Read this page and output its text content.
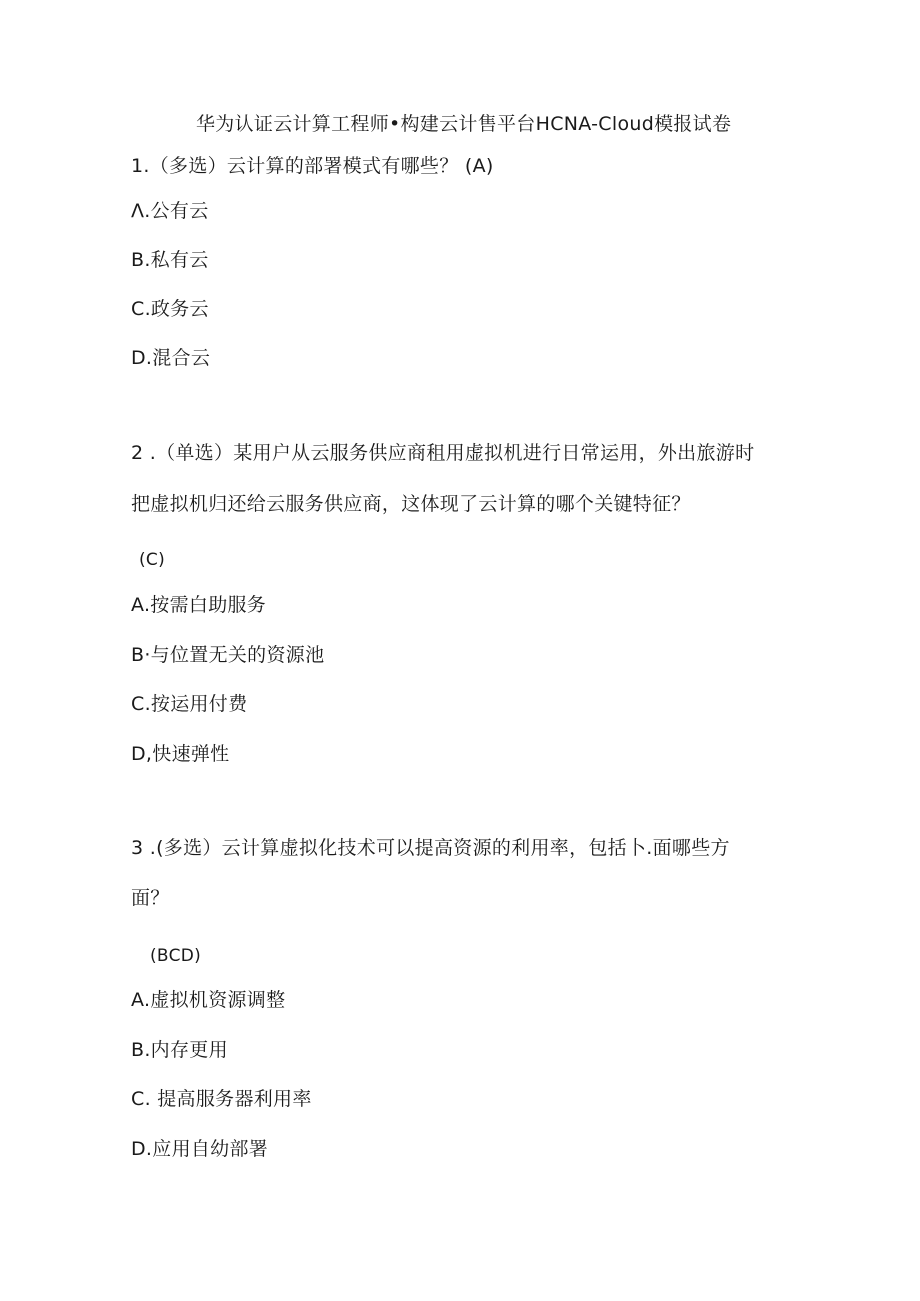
华为认证云计算工程师•构建云计售平台HCNA-Cloud模报试卷
1.（多选）云计算的部署模式有哪些？ (A)
Λ.公有云
B.私有云
C.政务云
D.混合云
2 .（单选）某用户从云服务供应商租用虚拟机进行日常运用，外出旅游时
把虚拟机归还给云服务供应商，这体现了云计算的哪个关键特征？
(C)
A.按需白助服务
B·与位置无关的资源池
C.按运用付费
D,快速弹性
3 .(多选）云计算虚拟化技术可以提高资源的利用率，包括卜.面哪些方
面？
(BCD)
A.虚拟机资源调整
B.内存更用
C. 提高服务器利用率
D.应用自幼部署
